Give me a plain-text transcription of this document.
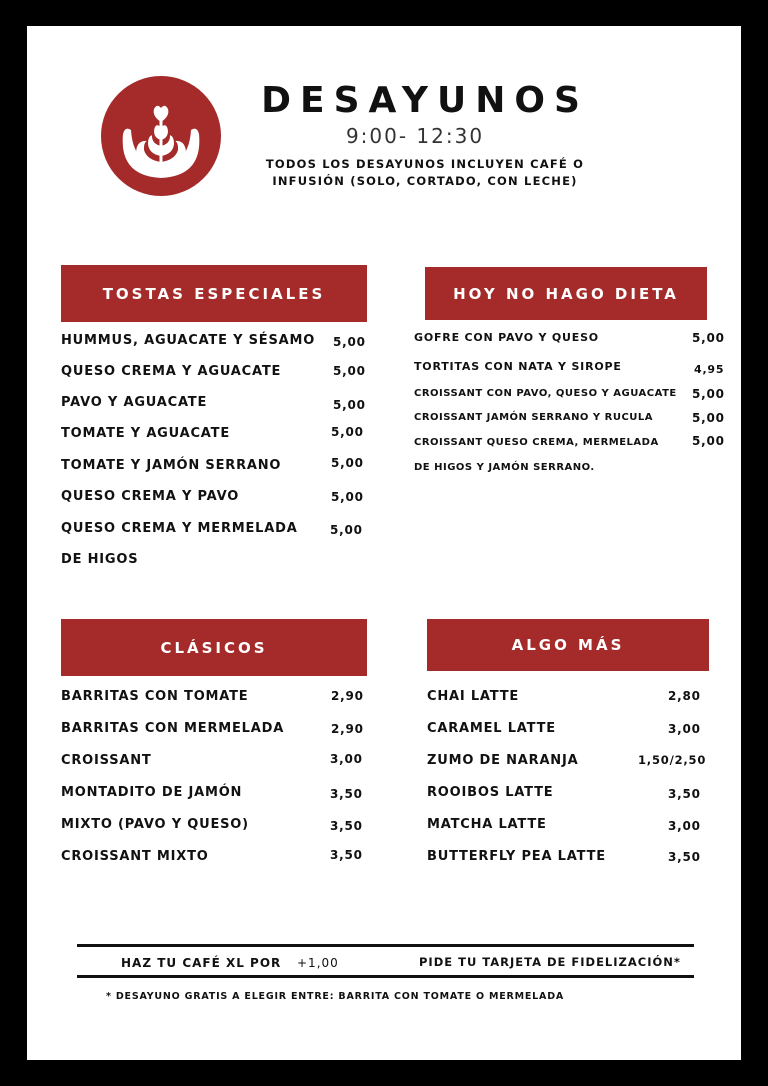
DESAYUNOS
9:00- 12:30
TODOS LOS DESAYUNOS INCLUYEN CAFÉ O
INFUSIÓN (SOLO, CORTADO, CON LECHE)
TOSTAS ESPECIALES
HUMMUS, AGUACATE Y SÉSAMO 5,00
QUESO CREMA Y AGUACATE	5,00
PAVO Y AGUACATE	5,00
TOMATE Y AGUACATE	5,00
TOMATE Y JAMÓN SERRANO	5,00
QUESO CREMA Y PAVO	5,00
QUESO CREMA Y MERMELADA	5,00
DE HIGOS
HOY NO HAGO DIETA
GOFRE CON PAVO Y QUESO	5,00
TORTITAS CON NATA Y SIROPE	4,95
CROISSANT CON PAVO, QUESO Y AGUACATE 5,00
CROISSANT JAMÓN SERRANO Y RUCULA	5,00
CROISSANT QUESO CREMA, MERMELADA	5,00
DE HIGOS Y JAMÓN SERRANO.
CLÁSICOS
BARRITAS CON TOMATE	2,90
BARRITAS CON MERMELADA	2,90
CROISSANT	3,00
MONTADITO DE JAMÓN	3,50
MIXTO (PAVO Y QUESO)	3,50
CROISSANT MIXTO	3,50
ALGO MÁS
CHAI LATTE	2,80
CARAMEL LATTE	3,00
ZUMO DE NARANJA	1,50/2,50
ROOIBOS LATTE	3,50
MATCHA LATTE	3,00
BUTTERFLY PEA LATTE	3,50
HAZ TU CAFÉ XL POR +1,00	PIDE TU TARJETA DE FIDELIZACIÓN*
* DESAYUNO GRATIS A ELEGIR ENTRE: BARRITA CON TOMATE O MERMELADA
